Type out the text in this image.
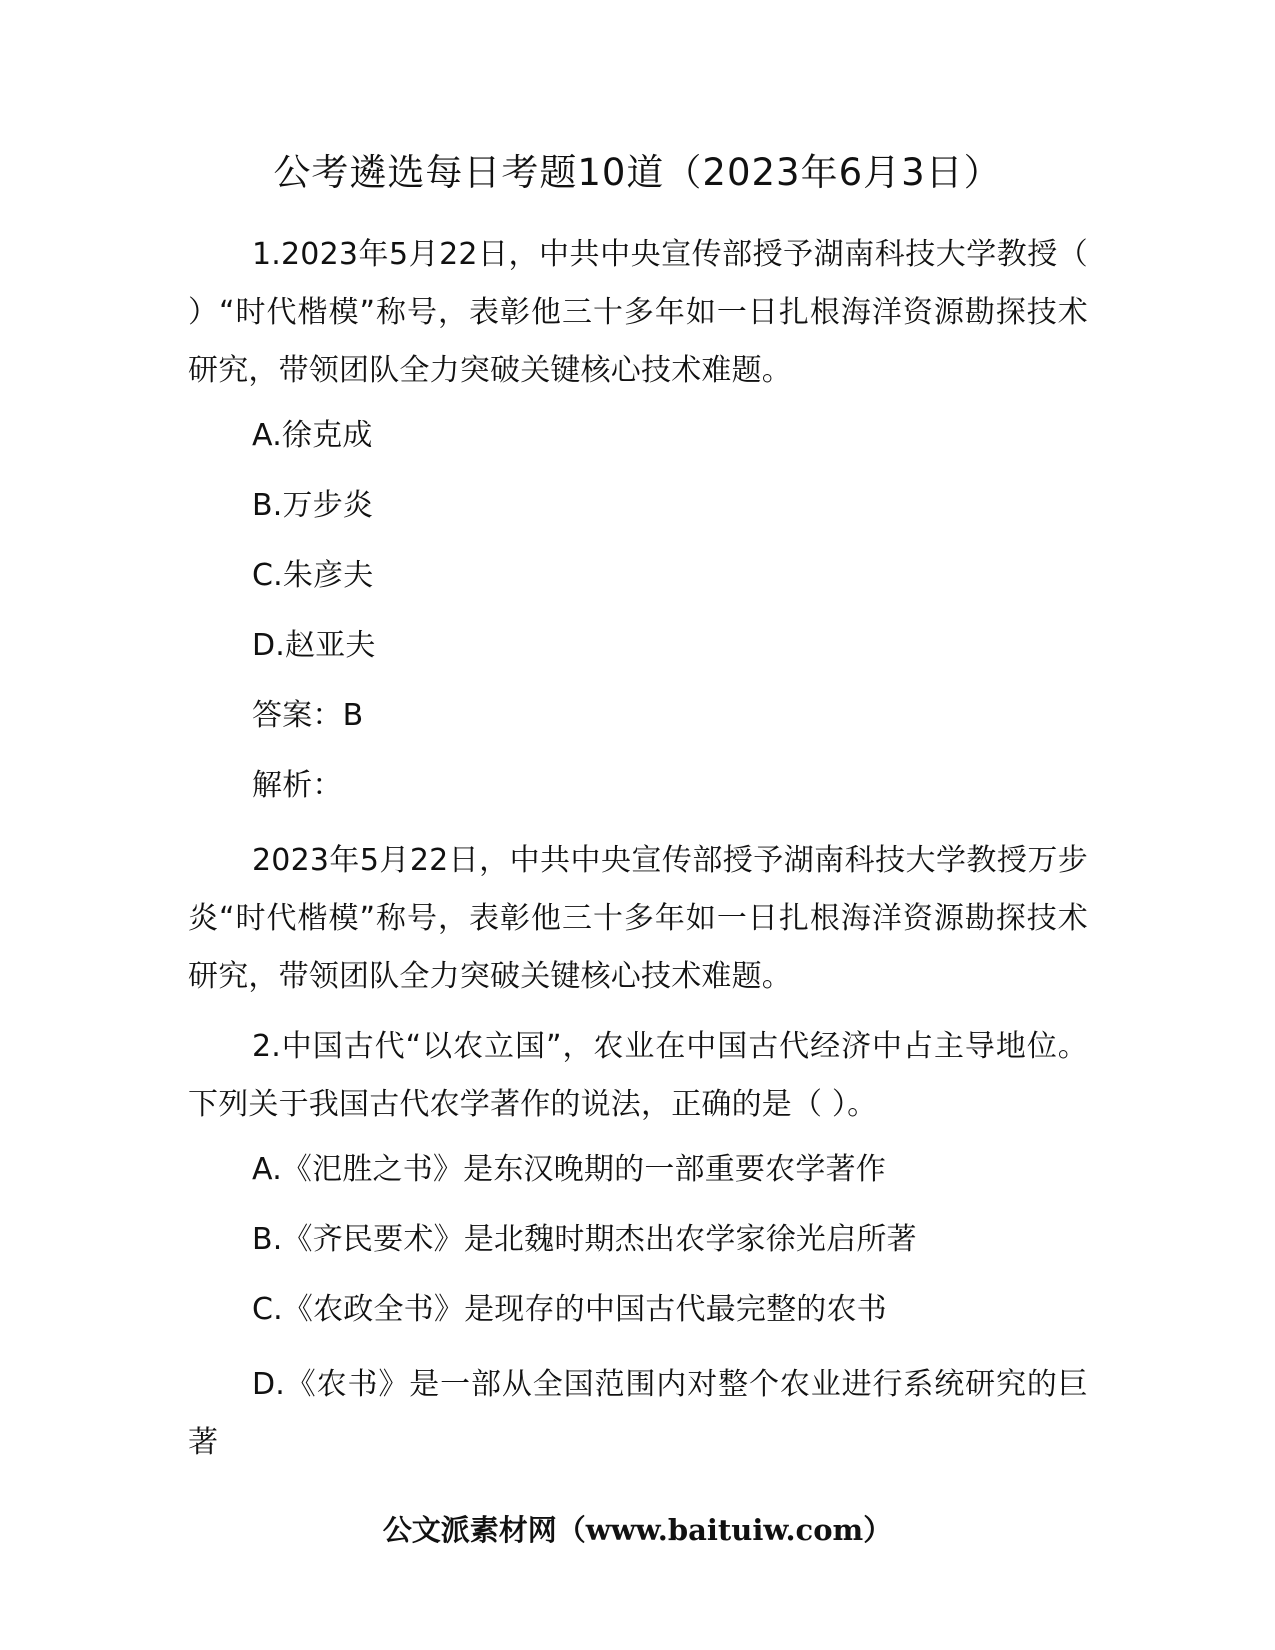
公考遴选每日考题10道（2023年6月3日）

1.2023年5月22日，中共中央宣传部授予湖南科技大学教授（ ）“时代楷模”称号，表彰他三十多年如一日扎根海洋资源勘探技术研究，带领团队全力突破关键核心技术难题。

A.徐克成

B.万步炎

C.朱彦夫

D.赵亚夫

答案：B

解析：

2023年5月22日，中共中央宣传部授予湖南科技大学教授万步炎“时代楷模”称号，表彰他三十多年如一日扎根海洋资源勘探技术研究，带领团队全力突破关键核心技术难题。

2.中国古代“以农立国”，农业在中国古代经济中占主导地位。下列关于我国古代农学著作的说法，正确的是（ ）。

A.《汜胜之书》是东汉晚期的一部重要农学著作

B.《齐民要术》是北魏时期杰出农学家徐光启所著

C.《农政全书》是现存的中国古代最完整的农书

D.《农书》是一部从全国范围内对整个农业进行系统研究的巨著

公文派素材网（www.baituiw.com）
